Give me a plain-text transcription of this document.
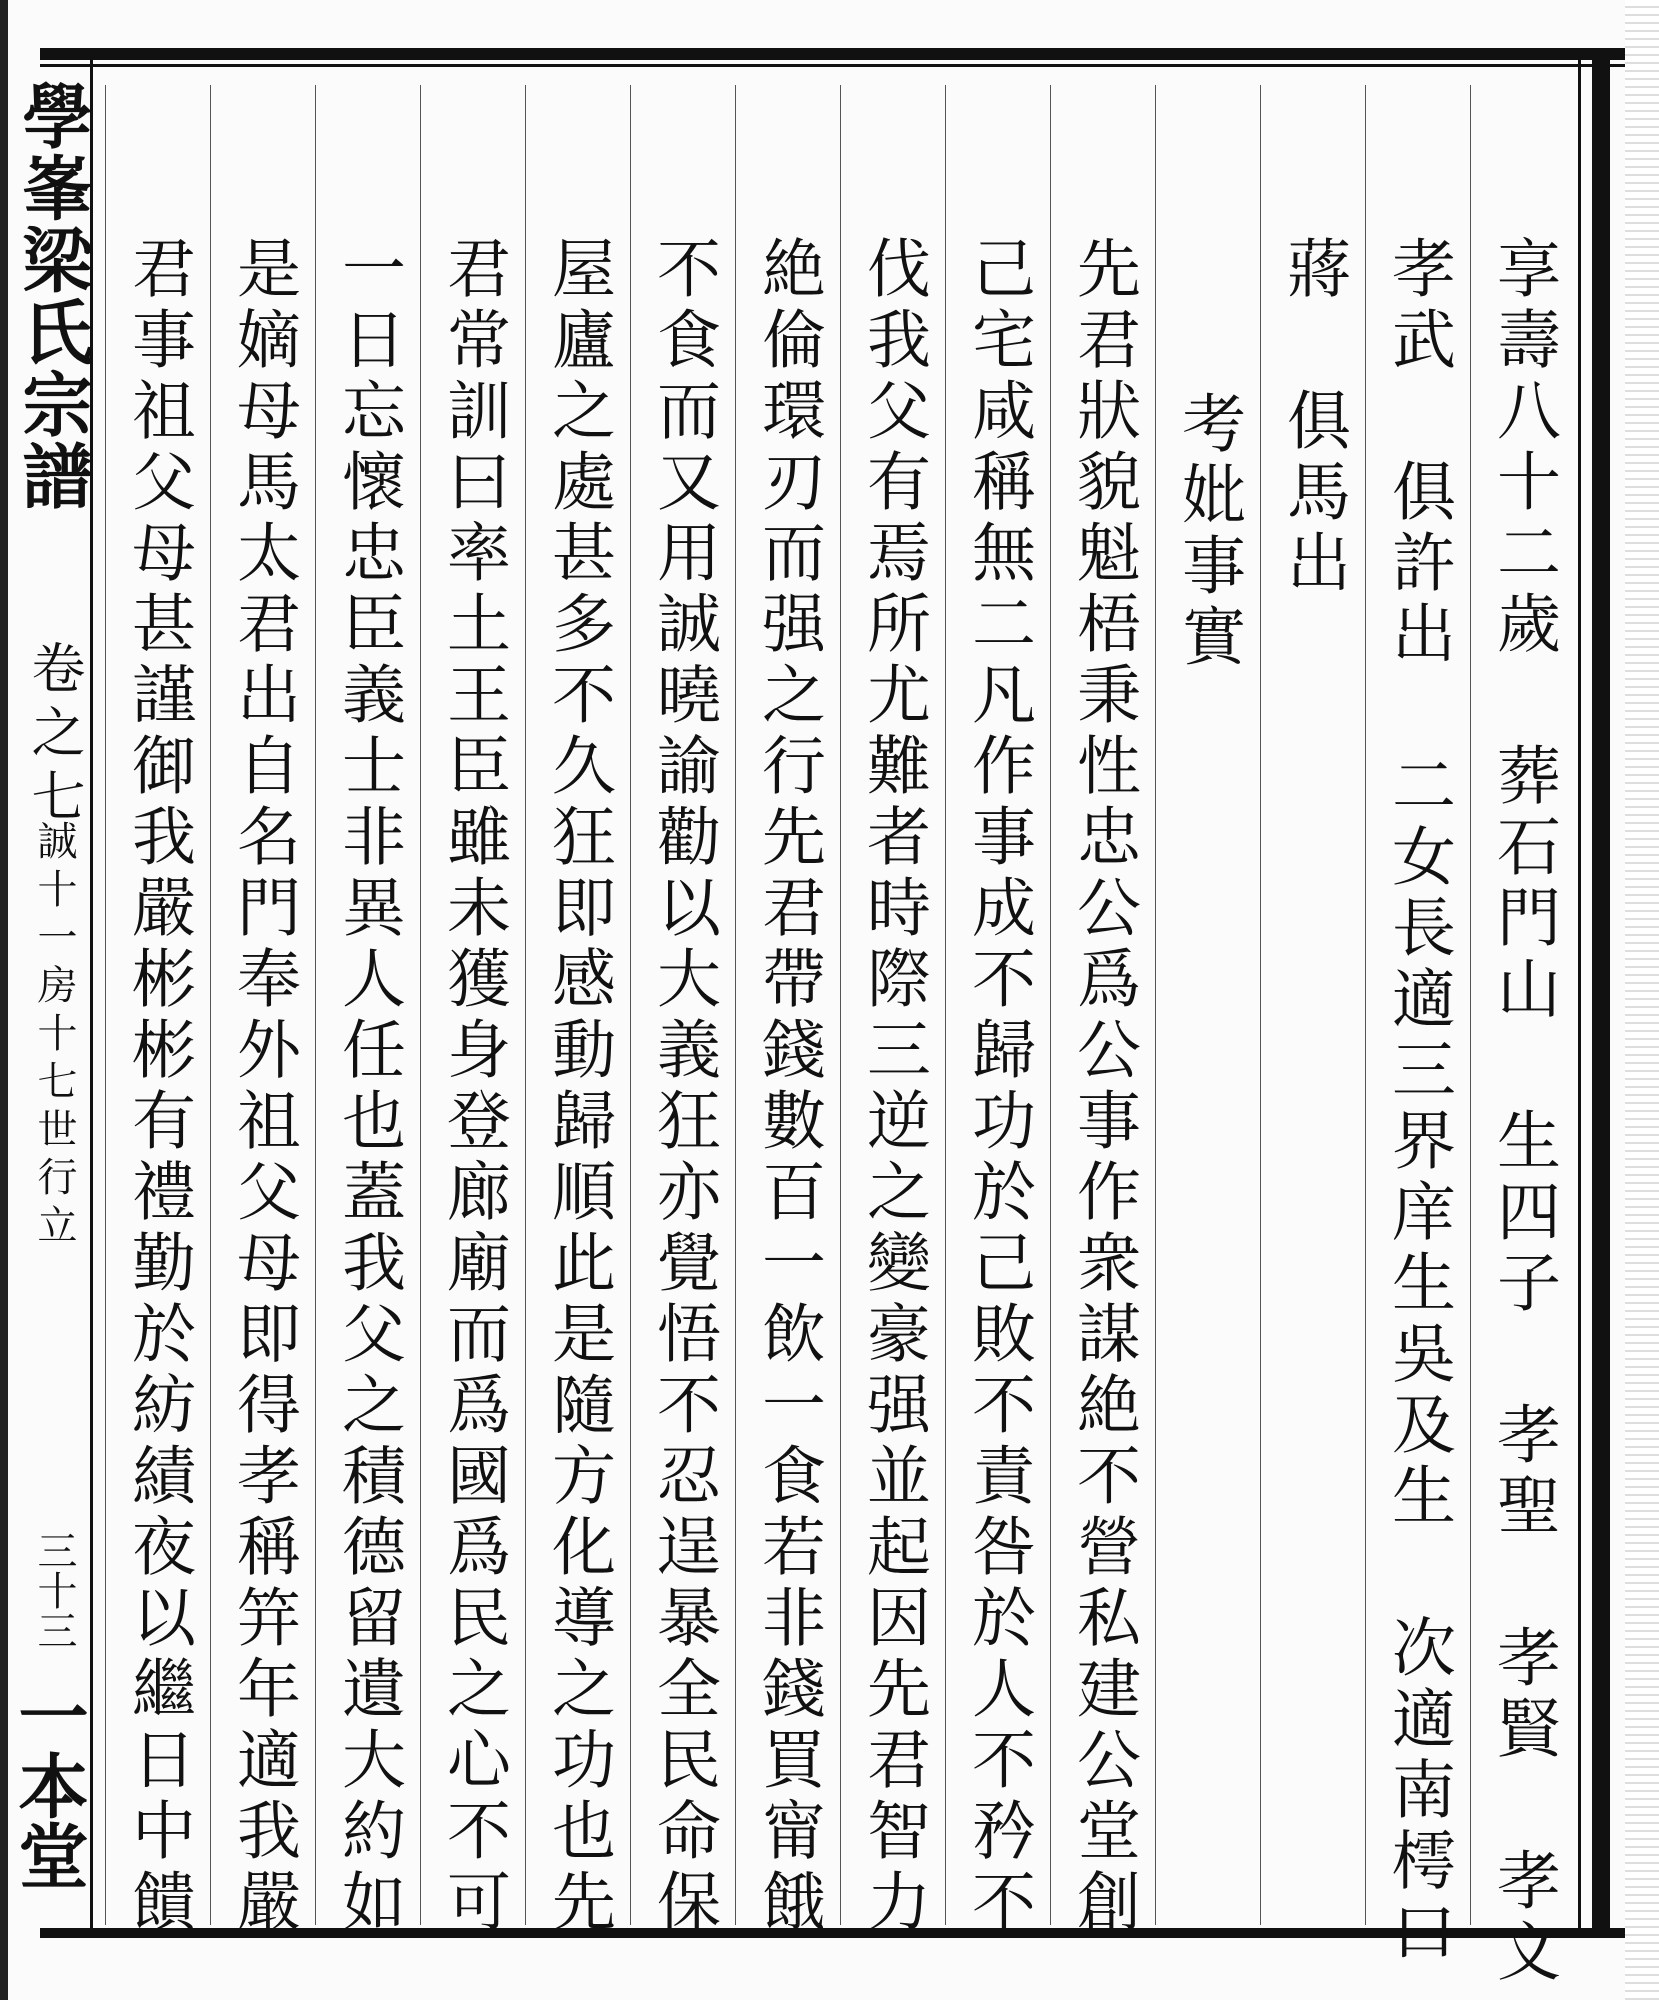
學峯梁氏宗譜
卷之七
誠十一房十七世行立
三十三
一本堂	享壽八十二歲 葬石門山 生四子 孝聖 孝賢 孝文
孝武 俱許出 二女長適三界庠生吳及生 次適南樗口
蔣 俱馬出
考妣事實
先君狀貌魁梧秉性忠公爲公事作衆謀絶不營私建公堂創
己宅咸稱無二凡作事成不歸功於己敗不責咎於人不矜不
伐我父有焉所尤難者時際三逆之變豪强並起因先君智力
絶倫環刃而强之行先君帶錢數百一飲一食若非錢買甯餓
不食而又用誠曉諭勸以大義狂亦覺悟不忍逞暴全民命保
屋廬之處甚多不久狂即感動歸順此是隨方化導之功也先
君常訓曰率土王臣雖未獲身登廊廟而爲國爲民之心不可
一日忘懷忠臣義士非異人任也蓋我父之積德留遺大約如
是嫡母馬太君出自名門奉外祖父母即得孝稱笄年適我嚴
君事祖父母甚謹御我嚴彬彬有禮勤於紡績夜以繼日中饋
